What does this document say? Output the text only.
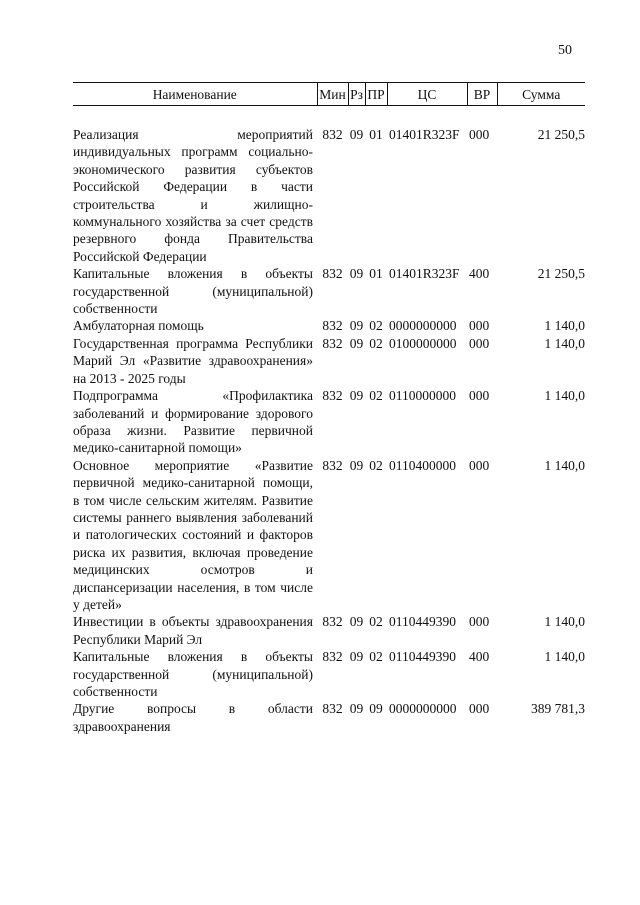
50
Наименование	Мин	Рз	ПР	ЦС	ВР	Сумма

Реализация мероприятий индивидуальных программ социально-экономического развития субъектов Российской Федерации в части строительства и жилищно-коммунального хозяйства за счет средств резервного фонда Правительства Российской Федерации	832	09	01	01401R323F	000	21 250,5
Капитальные вложения в объекты государственной (муниципальной) собственности	832	09	01	01401R323F	400	21 250,5
Амбулаторная помощь	832	09	02	0000000000	000	1 140,0
Государственная программа Республики Марий Эл «Развитие здравоохранения» на 2013 - 2025 годы	832	09	02	0100000000	000	1 140,0
Подпрограмма «Профилактика заболеваний и формирование здорового образа жизни. Развитие первичной медико-санитарной помощи»	832	09	02	0110000000	000	1 140,0
Основное мероприятие «Развитие первичной медико-санитарной помощи, в том числе сельским жителям. Развитие системы раннего выявления заболеваний и патологических состояний и факторов риска их развития, включая проведение медицинских осмотров и диспансеризации населения, в том числе у детей»	832	09	02	0110400000	000	1 140,0
Инвестиции в объекты здравоохранения Республики Марий Эл	832	09	02	0110449390	000	1 140,0
Капитальные вложения в объекты государственной (муниципальной) собственности	832	09	02	0110449390	400	1 140,0
Другие вопросы в области здравоохранения	832	09	09	0000000000	000	389 781,3
